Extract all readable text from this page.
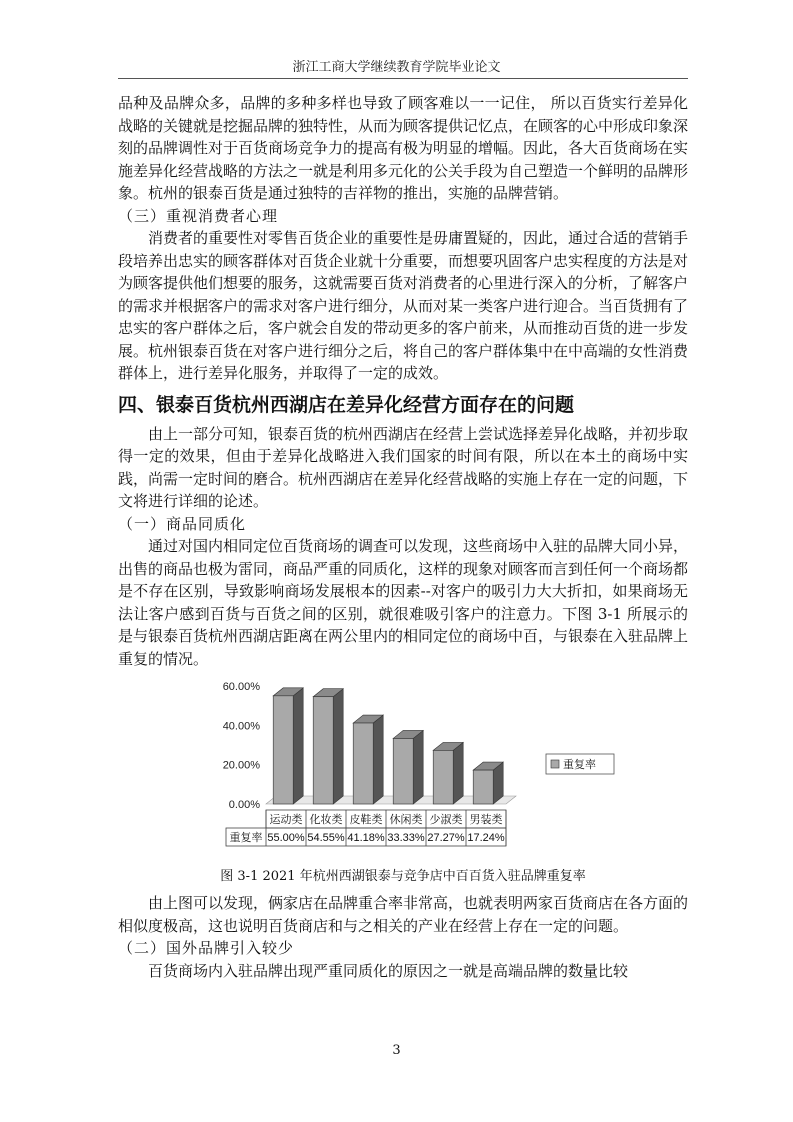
浙江工商大学继续教育学院毕业论文

品种及品牌众多，品牌的多种多样也导致了顾客难以一一记住， 所以百货实行差异化战略的关键就是挖掘品牌的独特性，从而为顾客提供记忆点，在顾客的心中形成印象深刻的品牌调性对于百货商场竞争力的提高有极为明显的增幅。因此，各大百货商场在实施差异化经营战略的方法之一就是利用多元化的公关手段为自己塑造一个鲜明的品牌形象。杭州的银泰百货是通过独特的吉祥物的推出，实施的品牌营销。

（三）重视消费者心理

消费者的重要性对零售百货企业的重要性是毋庸置疑的，因此，通过合适的营销手段培养出忠实的顾客群体对百货企业就十分重要，而想要巩固客户忠实程度的方法是对为顾客提供他们想要的服务，这就需要百货对消费者的心里进行深入的分析，了解客户的需求并根据客户的需求对客户进行细分，从而对某一类客户进行迎合。当百货拥有了忠实的客户群体之后，客户就会自发的带动更多的客户前来，从而推动百货的进一步发展。杭州银泰百货在对客户进行细分之后，将自己的客户群体集中在中高端的女性消费群体上，进行差异化服务，并取得了一定的成效。

四、银泰百货杭州西湖店在差异化经营方面存在的问题

由上一部分可知，银泰百货的杭州西湖店在经营上尝试选择差异化战略，并初步取得一定的效果，但由于差异化战略进入我们国家的时间有限，所以在本土的商场中实践，尚需一定时间的磨合。杭州西湖店在差异化经营战略的实施上存在一定的问题，下文将进行详细的论述。

（一）商品同质化

通过对国内相同定位百货商场的调查可以发现，这些商场中入驻的品牌大同小异，出售的商品也极为雷同，商品严重的同质化，这样的现象对顾客而言到任何一个商场都是不存在区别，导致影响商场发展根本的因素--对客户的吸引力大大折扣，如果商场无法让客户感到百货与百货之间的区别，就很难吸引客户的注意力。下图 3-1 所展示的是与银泰百货杭州西湖店距离在两公里内的相同定位的商场中百，与银泰在入驻品牌上重复的情况。

0.00%
20.00%
40.00%
60.00%
运动类 化妆类 皮鞋类 休闲类 少淑类 男装类
55.00% 54.55% 41.18% 33.33% 27.27% 17.24%
重复率
重复率
图 3-1 2021 年杭州西湖银泰与竞争店中百百货入驻品牌重复率

由上图可以发现，俩家店在品牌重合率非常高，也就表明两家百货商店在各方面的相似度极高，这也说明百货商店和与之相关的产业在经营上存在一定的问题。

（二）国外品牌引入较少

百货商场内入驻品牌出现严重同质化的原因之一就是高端品牌的数量比较

3
